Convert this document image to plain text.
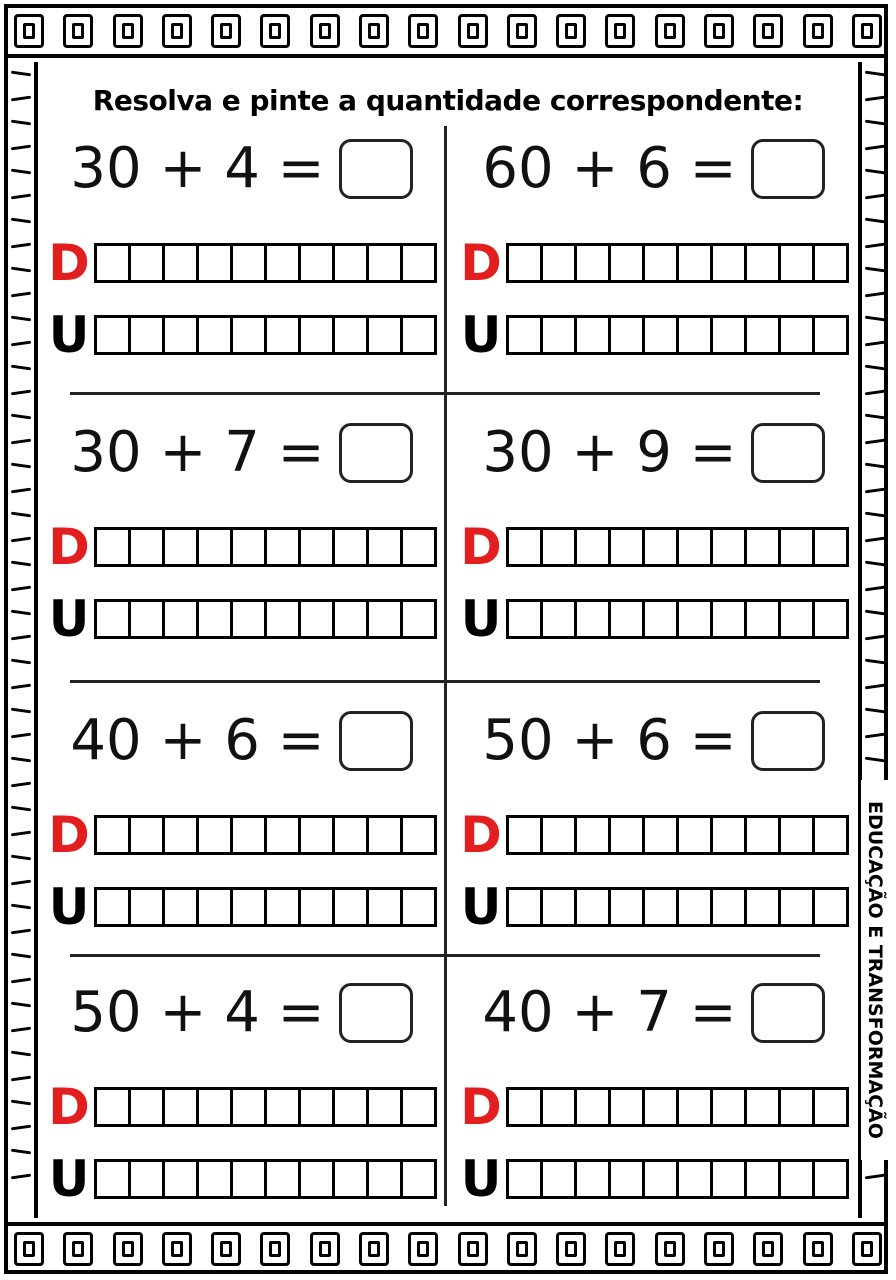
Resolva e pinte a quantidade correspondente:
30 + 4 =
D
U
60 + 6 =
D
U
30 + 7 =
D
U
30 + 9 =
D
U
40 + 6 =
D
U
50 + 6 =
D
U
50 + 4 =
D
U
40 + 7 =
D
U
EDUCAÇÃO E TRANSFORMAÇÃO
